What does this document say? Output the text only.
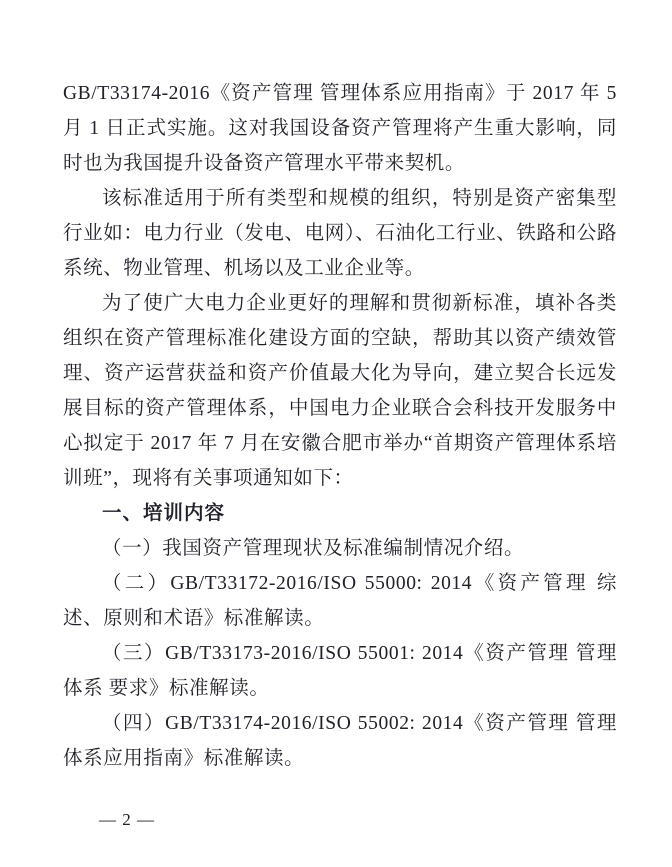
GB/T33174-2016《资产管理 管理体系应用指南》于 2017 年 5 月 1 日正式实施。这对我国设备资产管理将产生重大影响，同时也为我国提升设备资产管理水平带来契机。

该标准适用于所有类型和规模的组织，特别是资产密集型行业如：电力行业（发电、电网）、石油化工行业、铁路和公路系统、物业管理、机场以及工业企业等。

为了使广大电力企业更好的理解和贯彻新标准，填补各类组织在资产管理标准化建设方面的空缺，帮助其以资产绩效管理、资产运营获益和资产价值最大化为导向，建立契合长远发展目标的资产管理体系，中国电力企业联合会科技开发服务中心拟定于 2017 年 7 月在安徽合肥市举办“首期资产管理体系培训班”，现将有关事项通知如下：

一、培训内容

（一）我国资产管理现状及标准编制情况介绍。

（二）GB/T33172-2016/ISO 55000: 2014《资产管理 综述、原则和术语》标准解读。

（三）GB/T33173-2016/ISO 55001: 2014《资产管理 管理体系 要求》标准解读。

（四）GB/T33174-2016/ISO 55002: 2014《资产管理 管理体系应用指南》标准解读。

— 2 —
